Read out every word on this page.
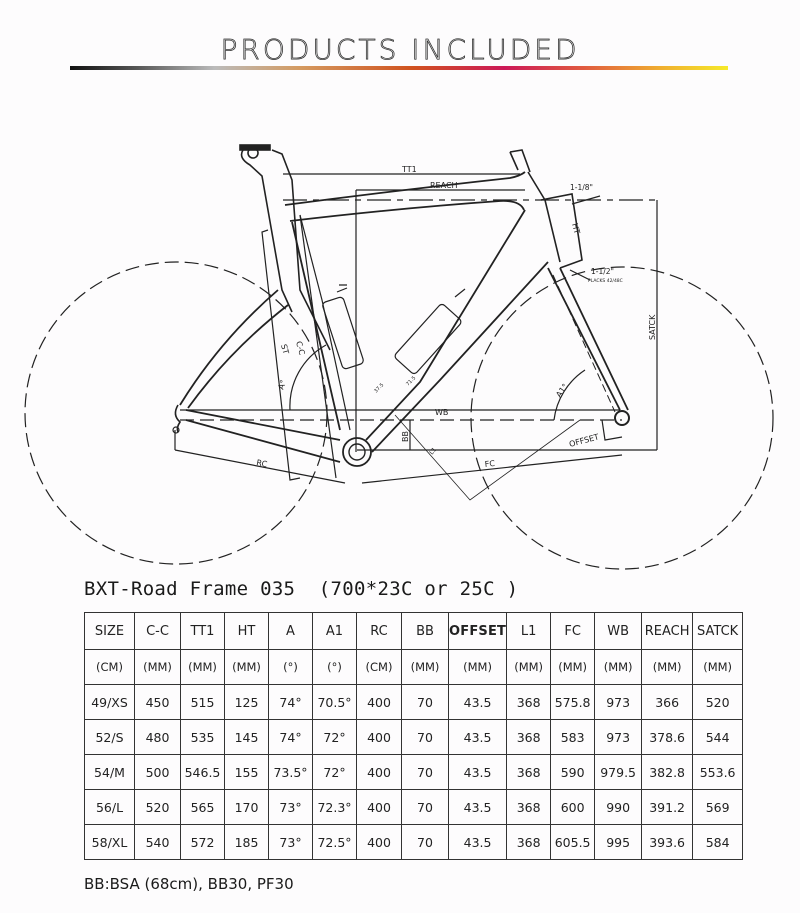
PRODUCTS INCLUDED
TT1
REACH	1-1/8"
HT
1-1/2"
PLACKS 42/48C
SATCK
ST C-C
A°	A1°
WB
BB
RC	FC
OFFSET
L1
37.5
71.5
BXT-Road Frame 035  (700*23C or 25C )
SIZE	C-C	TT1	HT	A	A1	RC	BB	OFFSET	L1	FC	WB	REACH	SATCK
(CM)	(MM)	(MM)	(MM)	(°)	(°)	(CM)	(MM)	(MM)	(MM)	(MM)	(MM)	(MM)	(MM)
49/XS	450	515	125	74°	70.5°	400	70	43.5	368	575.8	973	366	520
52/S	480	535	145	74°	72°	400	70	43.5	368	583	973	378.6	544
54/M	500	546.5	155	73.5°	72°	400	70	43.5	368	590	979.5	382.8	553.6
56/L	520	565	170	73°	72.3°	400	70	43.5	368	600	990	391.2	569
58/XL	540	572	185	73°	72.5°	400	70	43.5	368	605.5	995	393.6	584
BB:BSA (68cm), BB30, PF30
